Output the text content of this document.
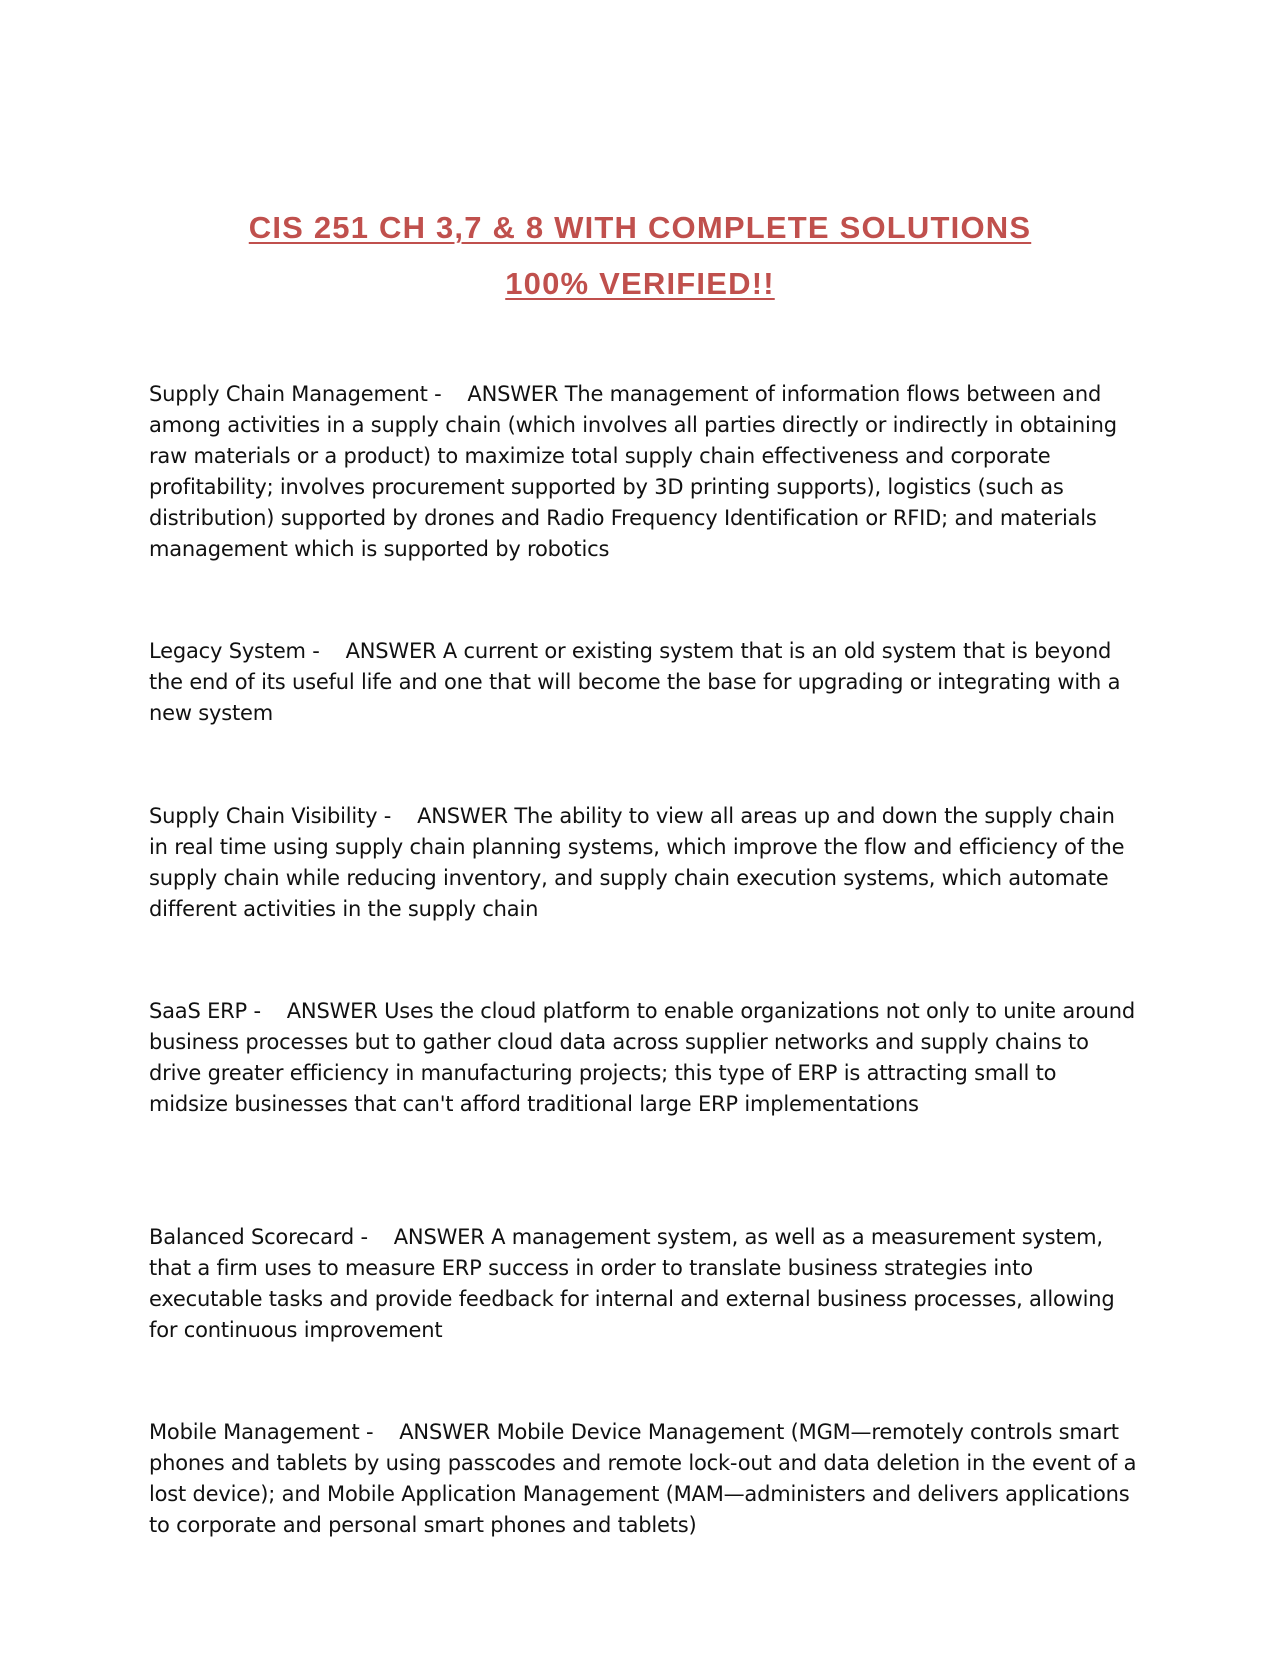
CIS 251 CH 3,7 & 8 WITH COMPLETE SOLUTIONS
100% VERIFIED!!

Supply Chain Management -    ANSWER The management of information flows between and among activities in a supply chain (which involves all parties directly or indirectly in obtaining raw materials or a product) to maximize total supply chain effectiveness and corporate profitability; involves procurement supported by 3D printing supports), logistics (such as distribution) supported by drones and Radio Frequency Identification or RFID; and materials management which is supported by robotics

Legacy System -    ANSWER A current or existing system that is an old system that is beyond the end of its useful life and one that will become the base for upgrading or integrating with a new system

Supply Chain Visibility -    ANSWER The ability to view all areas up and down the supply chain in real time using supply chain planning systems, which improve the flow and efficiency of the supply chain while reducing inventory, and supply chain execution systems, which automate different activities in the supply chain

SaaS ERP -    ANSWER Uses the cloud platform to enable organizations not only to unite around business processes but to gather cloud data across supplier networks and supply chains to drive greater efficiency in manufacturing projects; this type of ERP is attracting small to midsize businesses that can't afford traditional large ERP implementations

Balanced Scorecard -    ANSWER A management system, as well as a measurement system, that a firm uses to measure ERP success in order to translate business strategies into executable tasks and provide feedback for internal and external business processes, allowing for continuous improvement

Mobile Management -    ANSWER Mobile Device Management (MGM—remotely controls smart phones and tablets by using passcodes and remote lock-out and data deletion in the event of a lost device); and Mobile Application Management (MAM—administers and delivers applications to corporate and personal smart phones and tablets)
